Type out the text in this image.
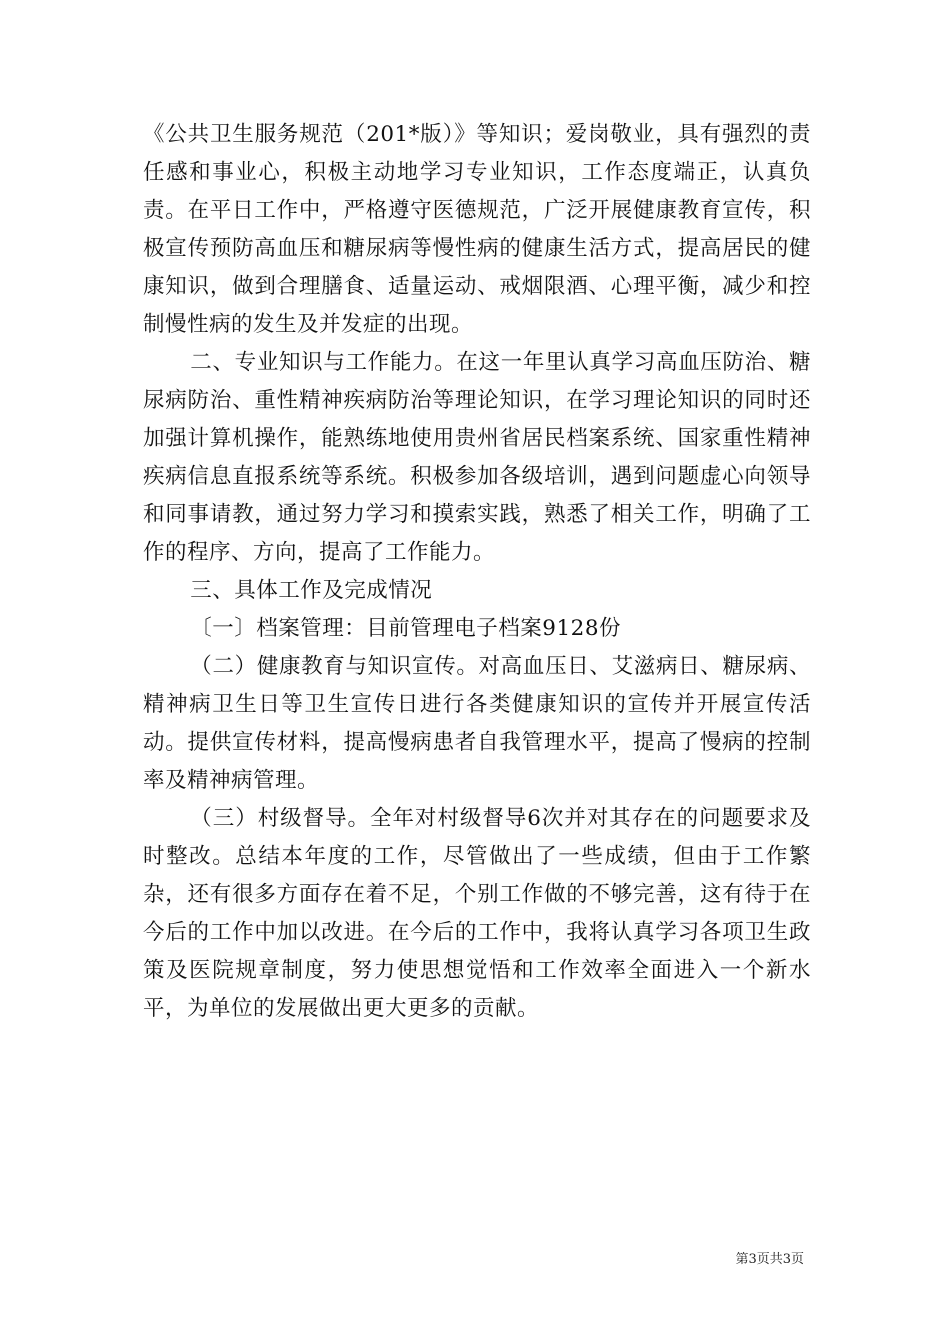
《公共卫生服务规范（201*版）》等知识；爱岗敬业，具有强烈的责任感和事业心，积极主动地学习专业知识，工作态度端正，认真负责。在平日工作中，严格遵守医德规范，广泛开展健康教育宣传，积极宣传预防高血压和糖尿病等慢性病的健康生活方式，提高居民的健康知识，做到合理膳食、适量运动、戒烟限酒、心理平衡，减少和控制慢性病的发生及并发症的出现。

二、专业知识与工作能力。在这一年里认真学习高血压防治、糖尿病防治、重性精神疾病防治等理论知识，在学习理论知识的同时还加强计算机操作，能熟练地使用贵州省居民档案系统、国家重性精神疾病信息直报系统等系统。积极参加各级培训，遇到问题虚心向领导和同事请教，通过努力学习和摸索实践，熟悉了相关工作，明确了工作的程序、方向，提高了工作能力。

三、具体工作及完成情况

〔一〕档案管理：目前管理电子档案9128份

（二）健康教育与知识宣传。对高血压日、艾滋病日、糖尿病、精神病卫生日等卫生宣传日进行各类健康知识的宣传并开展宣传活动。提供宣传材料，提高慢病患者自我管理水平，提高了慢病的控制率及精神病管理。

（三）村级督导。全年对村级督导6次并对其存在的问题要求及时整改。总结本年度的工作，尽管做出了一些成绩，但由于工作繁杂，还有很多方面存在着不足，个别工作做的不够完善，这有待于在今后的工作中加以改进。在今后的工作中，我将认真学习各项卫生政策及医院规章制度，努力使思想觉悟和工作效率全面进入一个新水平，为单位的发展做出更大更多的贡献。

第3页共3页
